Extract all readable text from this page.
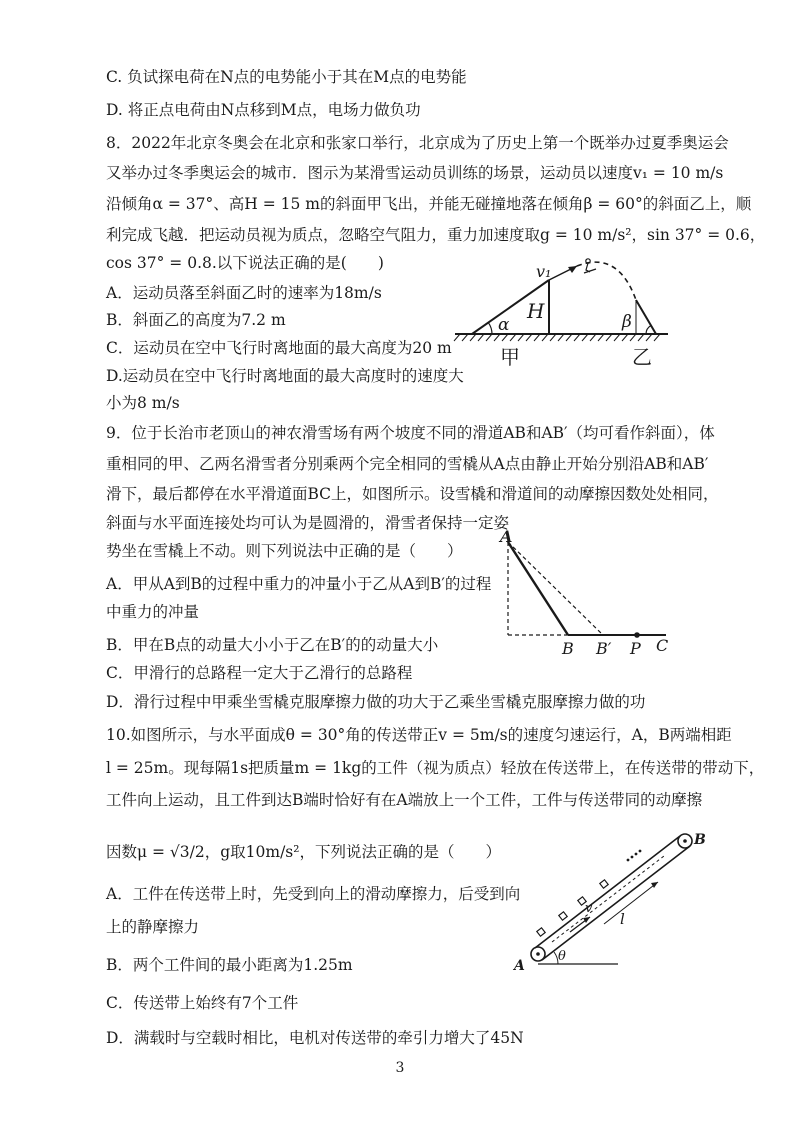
C. 负试探电荷在N点的电势能小于其在M点的电势能
D. 将正点电荷由N点移到M点，电场力做负功
8．2022年北京冬奥会在北京和张家口举行，北京成为了历史上第一个既举办过夏季奥运会
又举办过冬季奥运会的城市．图示为某滑雪运动员训练的场景，运动员以速度v₁ = 10 m/s
沿倾角α = 37°、高H = 15 m的斜面甲飞出，并能无碰撞地落在倾角β = 60°的斜面乙上，顺
利完成飞越．把运动员视为质点，忽略空气阻力，重力加速度取g = 10 m/s²，sin 37° = 0.6，
cos 37° = 0.8.以下说法正确的是(　　)
A．运动员落至斜面乙时的速率为18m/s
B．斜面乙的高度为7.2 m
C．运动员在空中飞行时离地面的最大高度为20 m
D.运动员在空中飞行时离地面的最大高度时的速度大
小为8 m/s
v₁
H
α	β
甲	乙
9．位于长治市老顶山的神农滑雪场有两个坡度不同的滑道AB和AB′（均可看作斜面），体
重相同的甲、乙两名滑雪者分别乘两个完全相同的雪橇从A点由静止开始分别沿AB和AB′
滑下，最后都停在水平滑道面BC上，如图所示。设雪橇和滑道间的动摩擦因数处处相同，
斜面与水平面连接处均可认为是圆滑的，滑雪者保持一定姿
势坐在雪橇上不动。则下列说法中正确的是（　　）
A．甲从A到B的过程中重力的冲量小于乙从A到B′的过程
中重力的冲量
B．甲在B点的动量大小小于乙在B′的的动量大小
C．甲滑行的总路程一定大于乙滑行的总路程
D．滑行过程中甲乘坐雪橇克服摩擦力做的功大于乙乘坐雪橇克服摩擦力做的功
A
B B′ P C
10.如图所示，与水平面成θ = 30°角的传送带正v = 5m/s的速度匀速运行，A，B两端相距
l = 25m。现每隔1s把质量m = 1kg的工件（视为质点）轻放在传送带上，在传送带的带动下，
工件向上运动，且工件到达B端时恰好有在A端放上一个工件，工件与传送带同的动摩擦
因数μ = √3/2，g取10m/s²，下列说法正确的是（　　）
A．工件在传送带上时，先受到向上的滑动摩擦力，后受到向
上的静摩擦力
B．两个工件间的最小距离为1.25m
C．传送带上始终有7个工件
D．满载时与空载时相比，电机对传送带的牵引力增大了45N
A
B
v
θ
l
3
